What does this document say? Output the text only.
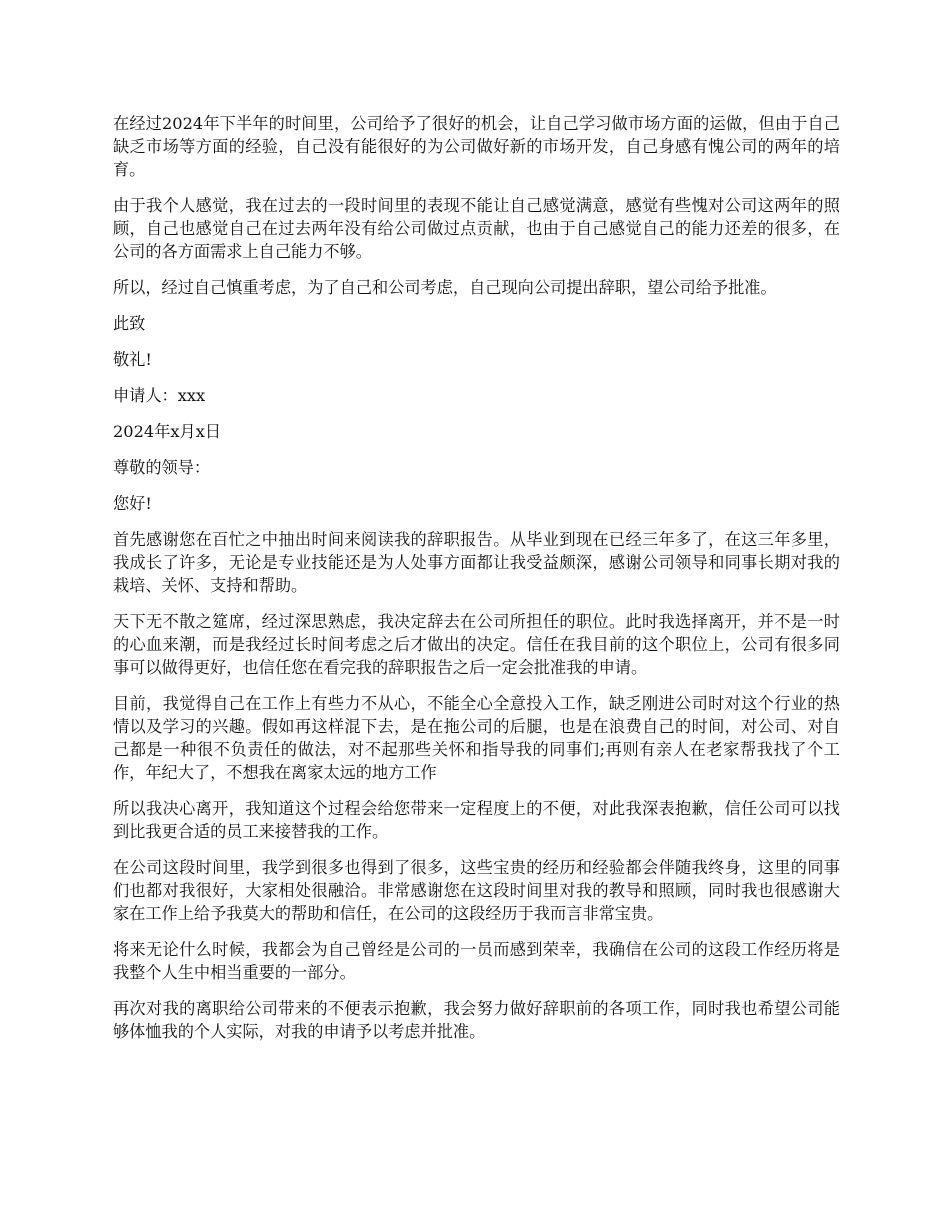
在经过2024年下半年的时间里，公司给予了很好的机会，让自己学习做市场方面的运做，但由于自己缺乏市场等方面的经验，自己没有能很好的为公司做好新的市场开发，自己身感有愧公司的两年的培育。

由于我个人感觉，我在过去的一段时间里的表现不能让自己感觉满意，感觉有些愧对公司这两年的照顾，自己也感觉自己在过去两年没有给公司做过点贡献，也由于自己感觉自己的能力还差的很多，在公司的各方面需求上自己能力不够。

所以，经过自己慎重考虑，为了自己和公司考虑，自己现向公司提出辞职，望公司给予批准。

此致

敬礼!

申请人：xxx

2024年x月x日

尊敬的领导：

您好!

首先感谢您在百忙之中抽出时间来阅读我的辞职报告。从毕业到现在已经三年多了，在这三年多里，我成长了许多，无论是专业技能还是为人处事方面都让我受益颇深，感谢公司领导和同事长期对我的栽培、关怀、支持和帮助。

天下无不散之筵席，经过深思熟虑，我决定辞去在公司所担任的职位。此时我选择离开，并不是一时的心血来潮，而是我经过长时间考虑之后才做出的决定。信任在我目前的这个职位上，公司有很多同事可以做得更好，也信任您在看完我的辞职报告之后一定会批准我的申请。

目前，我觉得自己在工作上有些力不从心，不能全心全意投入工作，缺乏刚进公司时对这个行业的热情以及学习的兴趣。假如再这样混下去，是在拖公司的后腿，也是在浪费自己的时间，对公司、对自己都是一种很不负责任的做法，对不起那些关怀和指导我的同事们;再则有亲人在老家帮我找了个工作，年纪大了，不想我在离家太远的地方工作

所以我决心离开，我知道这个过程会给您带来一定程度上的不便，对此我深表抱歉，信任公司可以找到比我更合适的员工来接替我的工作。

在公司这段时间里，我学到很多也得到了很多，这些宝贵的经历和经验都会伴随我终身，这里的同事们也都对我很好，大家相处很融洽。非常感谢您在这段时间里对我的教导和照顾，同时我也很感谢大家在工作上给予我莫大的帮助和信任，在公司的这段经历于我而言非常宝贵。

将来无论什么时候，我都会为自己曾经是公司的一员而感到荣幸，我确信在公司的这段工作经历将是我整个人生中相当重要的一部分。

再次对我的离职给公司带来的不便表示抱歉，我会努力做好辞职前的各项工作，同时我也希望公司能够体恤我的个人实际，对我的申请予以考虑并批准。
